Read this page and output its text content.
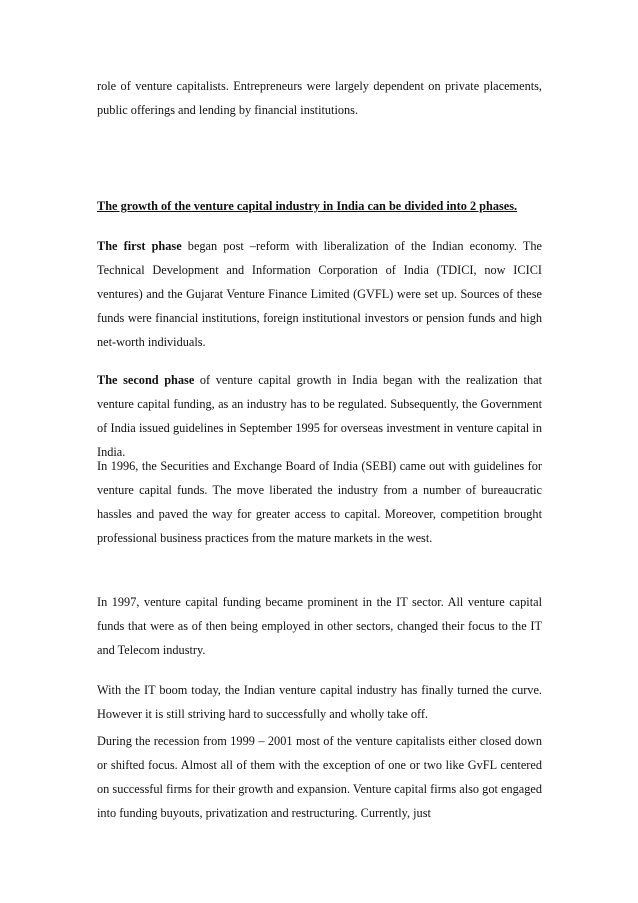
role of venture capitalists. Entrepreneurs were largely dependent on private placements, public offerings and lending by financial institutions.

The growth of the venture capital industry in India can be divided into 2 phases.

The first phase began post –reform with liberalization of the Indian economy. The Technical Development and Information Corporation of India (TDICI, now ICICI ventures) and the Gujarat Venture Finance Limited (GVFL) were set up. Sources of these funds were financial institutions, foreign institutional investors or pension funds and high net-worth individuals.

The second phase of venture capital growth in India began with the realization that venture capital funding, as an industry has to be regulated. Subsequently, the Government of India issued guidelines in September 1995 for overseas investment in venture capital in India.

In 1996, the Securities and Exchange Board of India (SEBI) came out with guidelines for venture capital funds. The move liberated the industry from a number of bureaucratic hassles and paved the way for greater access to capital. Moreover, competition brought professional business practices from the mature markets in the west.

In 1997, venture capital funding became prominent in the IT sector. All venture capital funds that were as of then being employed in other sectors, changed their focus to the IT and Telecom industry.

With the IT boom today, the Indian venture capital industry has finally turned the curve. However it is still striving hard to successfully and wholly take off.

During the recession from 1999 – 2001 most of the venture capitalists either closed down or shifted focus. Almost all of them with the exception of one or two like GvFL centered on successful firms for their growth and expansion. Venture capital firms also got engaged into funding buyouts, privatization and restructuring. Currently, just
